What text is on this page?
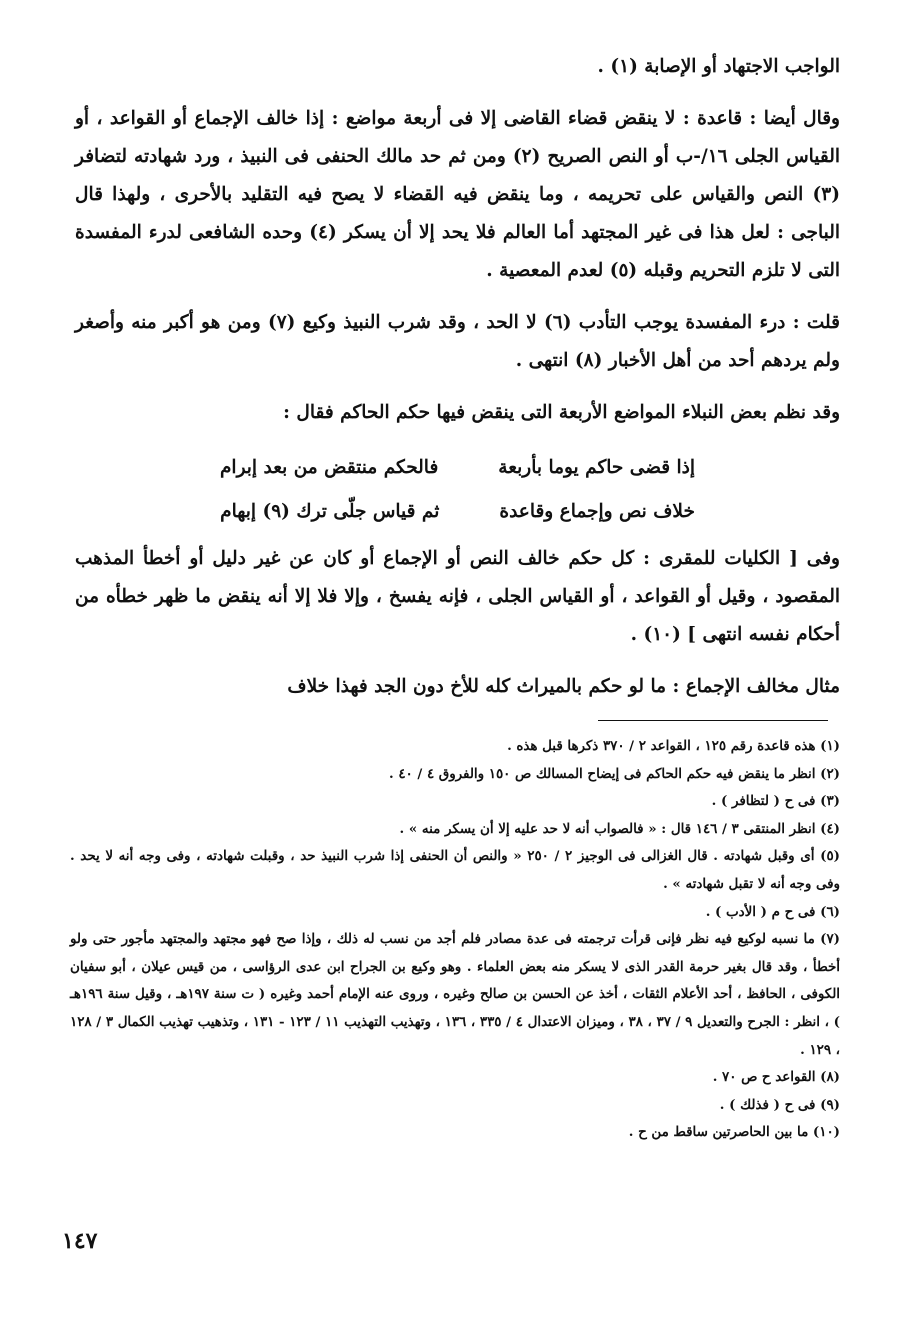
الواجب الاجتهاد أو الإصابة (١) .

وقال أيضا : قاعدة : لا ينقض قضاء القاضى إلا فى أربعة مواضع : إذا خالف الإجماع أو القواعد ، أو القياس الجلى ١٦/-ب أو النص الصريح (٢) ومن ثم حد مالك الحنفى فى النبيذ ، ورد شهادته لتضافر (٣) النص والقياس على تحريمه ، وما ينقض فيه القضاء لا يصح فيه التقليد بالأحرى ، ولهذا قال الباجى : لعل هذا فى غير المجتهد أما العالم فلا يحد إلا أن يسكر (٤) وحده الشافعى لدرء المفسدة التى لا تلزم التحريم وقبله (٥) لعدم المعصية .

قلت : درء المفسدة يوجب التأدب (٦) لا الحد ، وقد شرب النبيذ وكيع (٧) ومن هو أكبر منه وأصغر ولم يردهم أحد من أهل الأخبار (٨) انتهى .

وقد نظم بعض النبلاء المواضع الأربعة التى ينقض فيها حكم الحاكم فقال :

إذا قضى حاكم يوما بأربعة
فالحكم منتقض من بعد إبرام
خلاف نص وإجماع وقاعدة
ثم قياس جلّى ترك (٩) إبهام

وفى [ الكليات للمقرى : كل حكم خالف النص أو الإجماع أو كان عن غير دليل أو أخطأ المذهب المقصود ، وقيل أو القواعد ، أو القياس الجلى ، فإنه يفسخ ، وإلا فلا إلا أنه ينقض ما ظهر خطأه من أحكام نفسه انتهى ] (١٠) .

مثال مخالف الإجماع : ما لو حكم بالميراث كله للأخ دون الجد فهذا خلاف

(١) هذه قاعدة رقم ١٢٥ ، القواعد ٢ / ٣٧٠ ذكرها قبل هذه .

(٢) انظر ما ينقض فيه حكم الحاكم فى إيضاح المسالك ص ١٥٠ والفروق ٤ / ٤٠ .

(٣) فى ح ( لتظافر ) .

(٤) انظر المنتقى ٣ / ١٤٦ قال : « فالصواب أنه لا حد عليه إلا أن يسكر منه » .

(٥) أى وقبل شهادته . قال الغزالى فى الوجيز ٢ / ٢٥٠ « والنص أن الحنفى إذا شرب النبيذ حد ، وقبلت شهادته ، وفى وجه أنه لا يحد . وفى وجه أنه لا تقبل شهادته » .

(٦) فى ح م ( الأدب ) .

(٧) ما نسبه لوكيع فيه نظر فإنى قرأت ترجمته فى عدة مصادر فلم أجد من نسب له ذلك ، وإذا صح فهو مجتهد والمجتهد مأجور حتى ولو أخطأ ، وقد قال بغير حرمة القدر الذى لا يسكر منه بعض العلماء . وهو وكيع بن الجراح ابن عدى الرؤاسى ، من قيس عيلان ، أبو سفيان الكوفى ، الحافظ ، أحد الأعلام الثقات ، أخذ عن الحسن بن صالح وغيره ، وروى عنه الإمام أحمد وغيره ( ت سنة ١٩٧هـ ، وقيل سنة ١٩٦هـ ) ، انظر : الجرح والتعديل ٩ / ٣٧ ، ٣٨ ، وميزان الاعتدال ٤ / ٣٣٥ ، ١٣٦ ، وتهذيب التهذيب ١١ / ١٢٣ - ١٣١ ، وتذهيب تهذيب الكمال ٣ / ١٢٨ ، ١٢٩ .

(٨) القواعد ح ص ٧٠ .

(٩) فى ح ( فذلك ) .

(١٠) ما بين الحاصرتين ساقط من ح .

١٤٧
